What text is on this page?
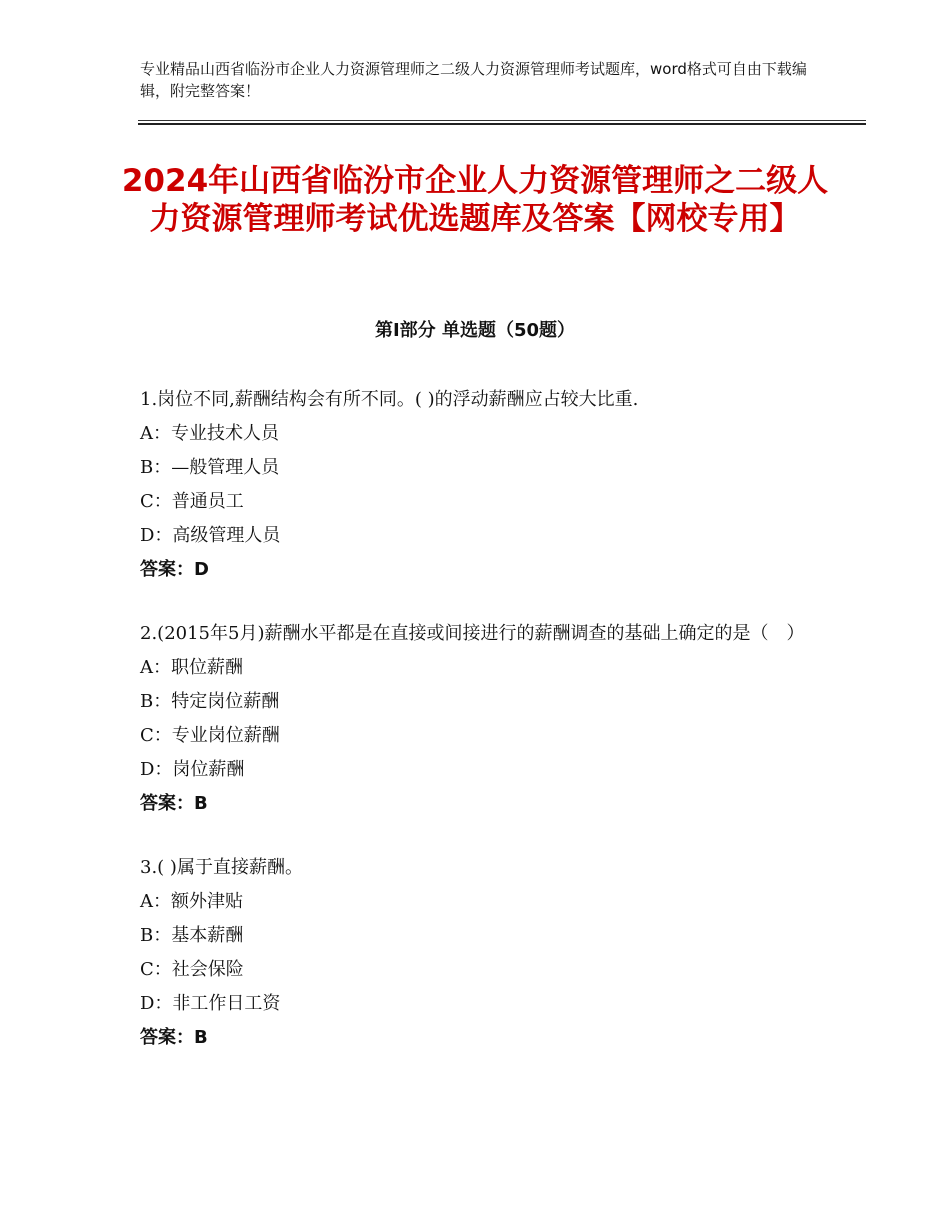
专业精品山西省临汾市企业人力资源管理师之二级人力资源管理师考试题库，word格式可自由下载编辑，附完整答案！
2024年山西省临汾市企业人力资源管理师之二级人力资源管理师考试优选题库及答案【网校专用】
第Ⅰ部分 单选题（50题）
1.岗位不同,薪酬结构会有所不同。( )的浮动薪酬应占较大比重.
A：专业技术人员
B：—般管理人员
C：普通员工
D：高级管理人员
答案：D
2.(2015年5月)薪酬水平都是在直接或间接进行的薪酬调查的基础上确定的是（　）
A：职位薪酬
B：特定岗位薪酬
C：专业岗位薪酬
D：岗位薪酬
答案：B
3.( )属于直接薪酬。
A：额外津贴
B：基本薪酬
C：社会保险
D：非工作日工资
答案：B
